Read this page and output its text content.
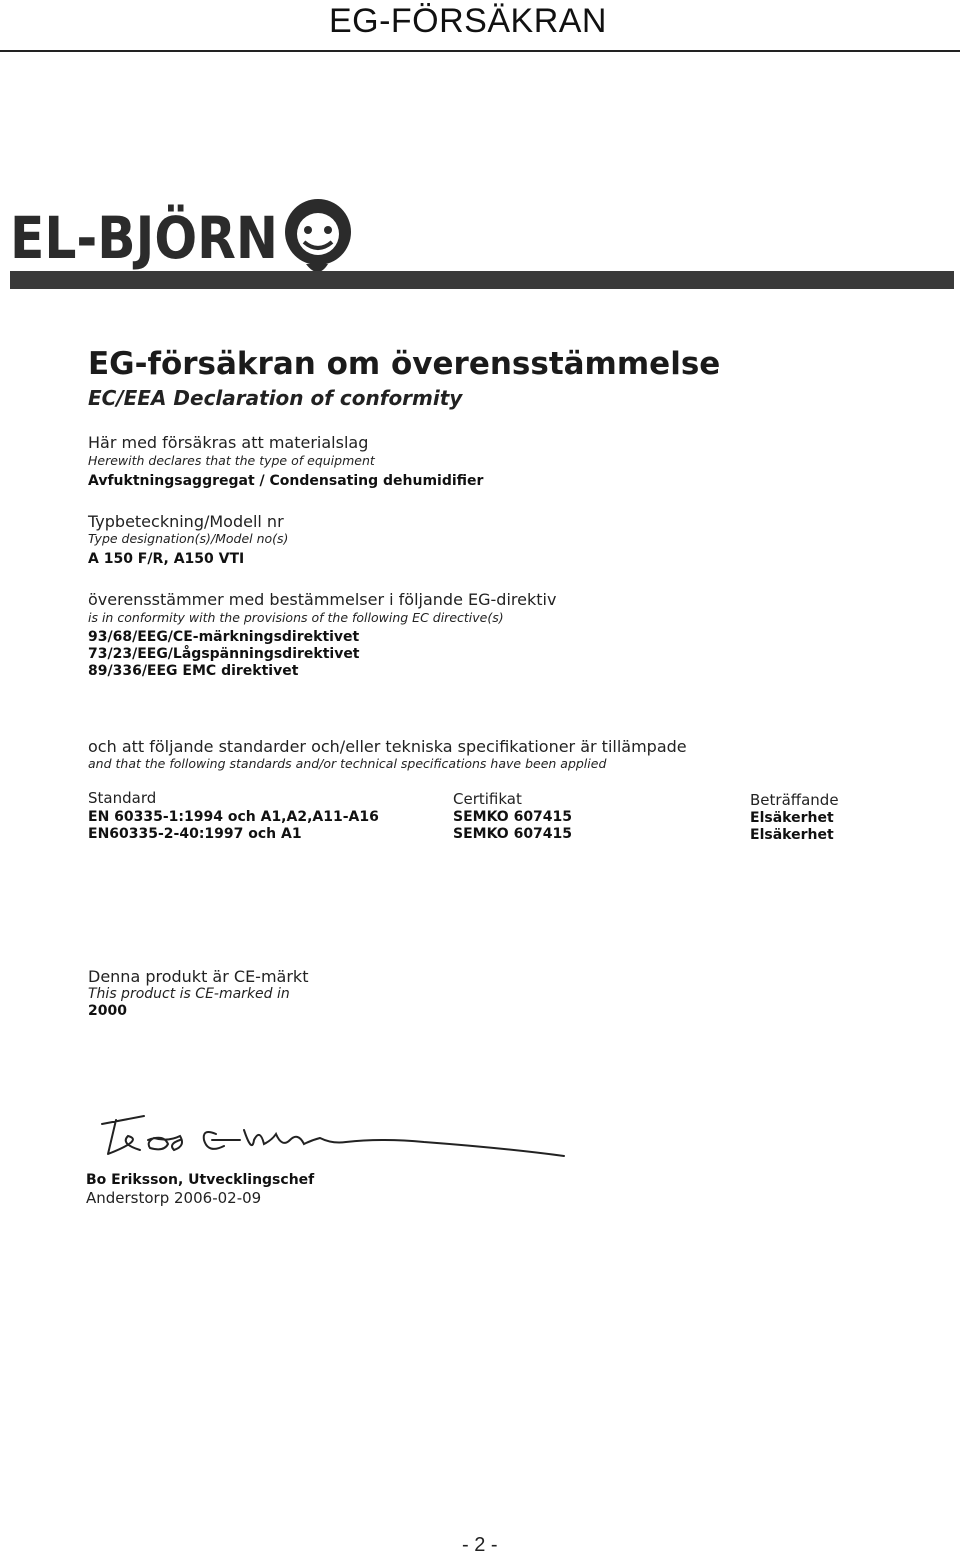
EG-FÖRSÄKRAN
EL-BJÖRN
EG-försäkran om överensstämmelse
EC/EEA Declaration of conformity
Här med försäkras att materialslag
Herewith declares that the type of equipment
Avfuktningsaggregat / Condensating dehumidifier
Typbeteckning/Modell nr
Type designation(s)/Model no(s)
A 150 F/R, A150 VTI
överensstämmer med bestämmelser i följande EG-direktiv
is in conformity with the provisions of the following EC directive(s)
93/68/EEG/CE-märkningsdirektivet
73/23/EEG/Lågspänningsdirektivet
89/336/EEG EMC direktivet
och att följande standarder och/eller tekniska specifikationer är tillämpade
and that the following standards and/or technical specifications have been applied
Standard	Certifikat	Beträffande
EN 60335-1:1994 och A1,A2,A11-A16	SEMKO 607415	Elsäkerhet
EN60335-2-40:1997 och A1	SEMKO 607415	Elsäkerhet
Denna produkt är CE-märkt
This product is CE-marked in
2000
Bo Eriksson, Utvecklingschef
Anderstorp 2006-02-09
- 2 -
